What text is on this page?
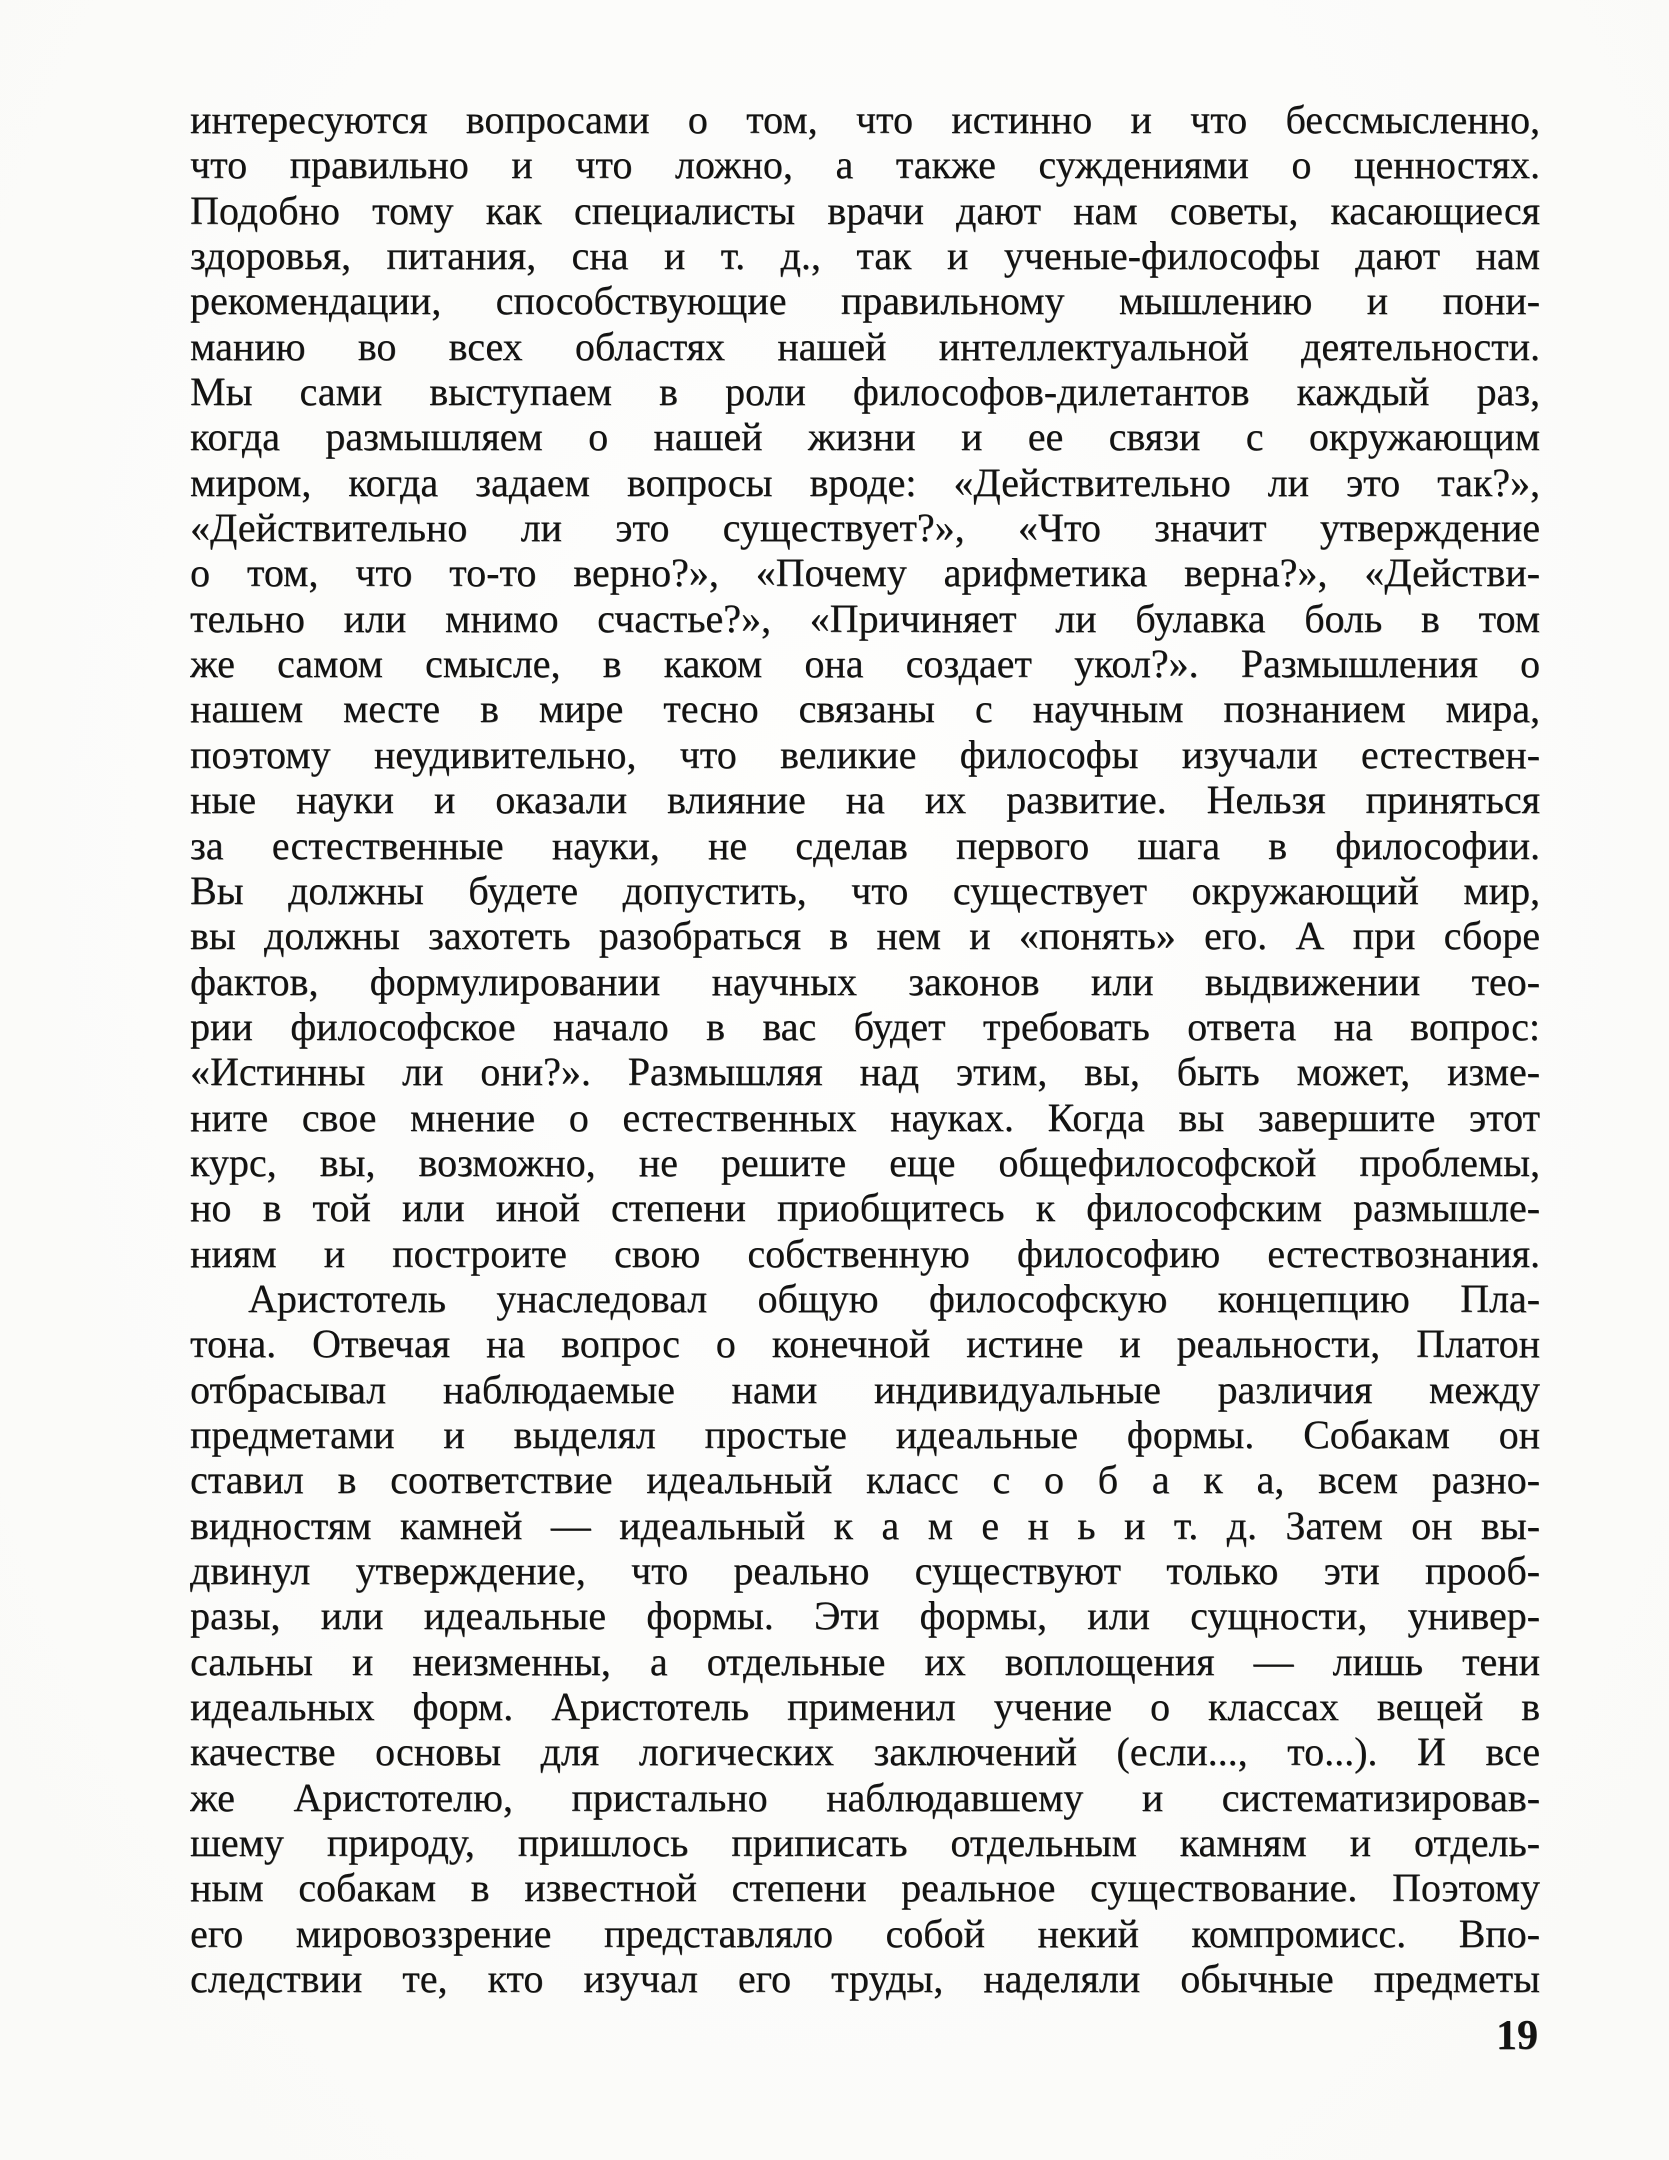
интересуются вопросами о том, что истинно и что бессмысленно,
что правильно и что ложно, а также суждениями о ценностях.
Подобно тому как специалисты врачи дают нам советы, касающиеся
здоровья, питания, сна и т. д., так и ученые-философы дают нам
рекомендации, способствующие правильному мышлению и пони-
манию во всех областях нашей интеллектуальной деятельности.
Мы сами выступаем в роли философов-дилетантов каждый раз,
когда размышляем о нашей жизни и ее связи с окружающим
миром, когда задаем вопросы вроде: «Действительно ли это так?»,
«Действительно ли это существует?», «Что значит утверждение
о том, что то-то верно?», «Почему арифметика верна?», «Действи-
тельно или мнимо счастье?», «Причиняет ли булавка боль в том
же самом смысле, в каком она создает укол?». Размышления о
нашем месте в мире тесно связаны с научным познанием мира,
поэтому неудивительно, что великие философы изучали естествен-
ные науки и оказали влияние на их развитие. Нельзя приняться
за естественные науки, не сделав первого шага в философии.
Вы должны будете допустить, что существует окружающий мир,
вы должны захотеть разобраться в нем и «понять» его. А при сборе
фактов, формулировании научных законов или выдвижении тео-
рии философское начало в вас будет требовать ответа на вопрос:
«Истинны ли они?». Размышляя над этим, вы, быть может, изме-
ните свое мнение о естественных науках. Когда вы завершите этот
курс, вы, возможно, не решите еще общефилософской проблемы,
но в той или иной степени приобщитесь к философским размышле-
ниям и построите свою собственную философию естествознания.
Аристотель унаследовал общую философскую концепцию Пла-
тона. Отвечая на вопрос о конечной истине и реальности, Платон
отбрасывал наблюдаемые нами индивидуальные различия между
предметами и выделял простые идеальные формы. Собакам он
ставил в соответствие идеальный класс с о б а к а, всем разно-
видностям камней — идеальный к а м е н ь и т. д. Затем он вы-
двинул утверждение, что реально существуют только эти прооб-
разы, или идеальные формы. Эти формы, или сущности, универ-
сальны и неизменны, а отдельные их воплощения — лишь тени
идеальных форм. Аристотель применил учение о классах вещей в
качестве основы для логических заключений (если..., то...). И все
же Аристотелю, пристально наблюдавшему и систематизировав-
шему природу, пришлось приписать отдельным камням и отдель-
ным собакам в известной степени реальное существование. Поэтому
его мировоззрение представляло собой некий компромисс. Впо-
следствии те, кто изучал его труды, наделяли обычные предметы
19
